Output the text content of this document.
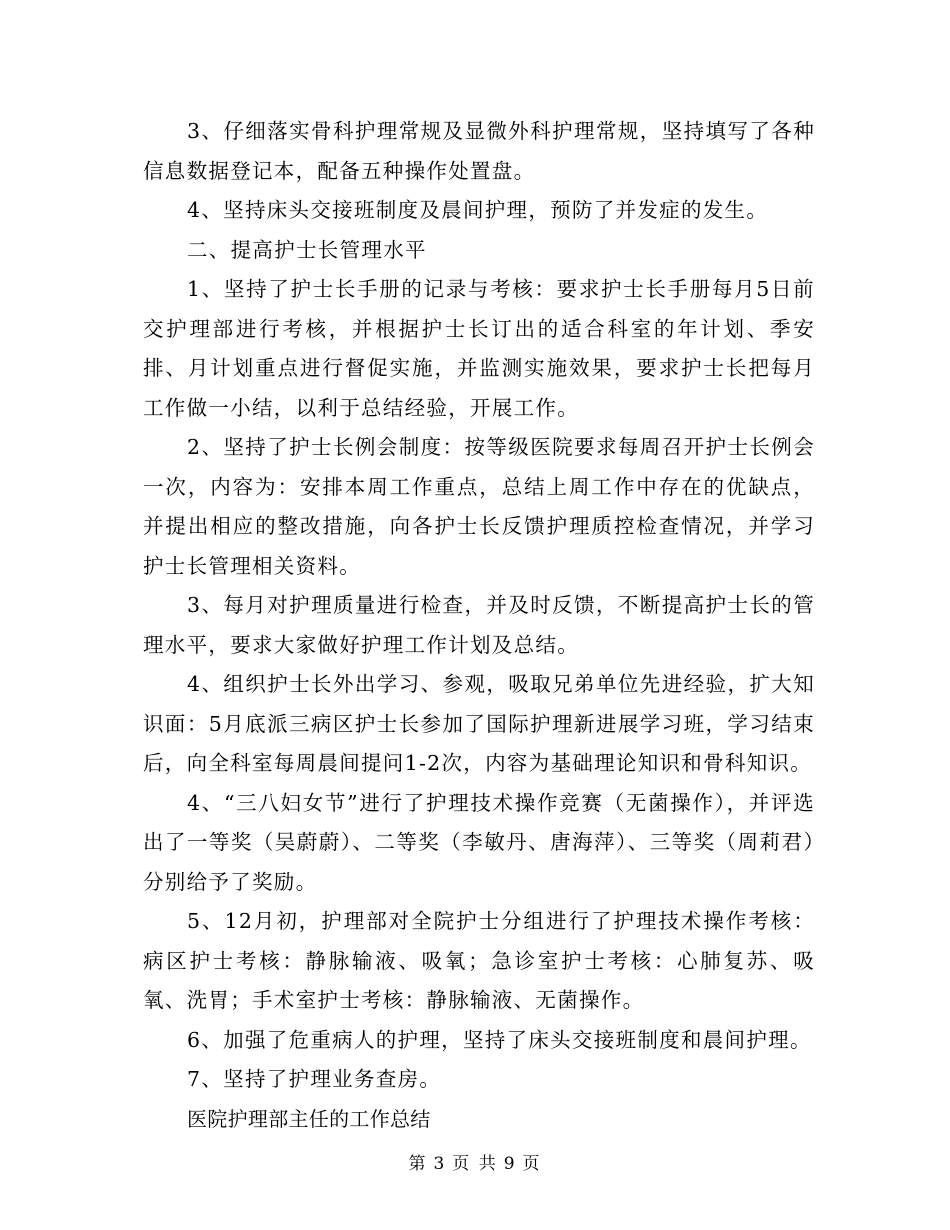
3、仔细落实骨科护理常规及显微外科护理常规，坚持填写了各种信息数据登记本，配备五种操作处置盘。

4、坚持床头交接班制度及晨间护理，预防了并发症的发生。

二、提高护士长管理水平

1、坚持了护士长手册的记录与考核：要求护士长手册每月5日前交护理部进行考核，并根据护士长订出的适合科室的年计划、季安排、月计划重点进行督促实施，并监测实施效果，要求护士长把每月工作做一小结，以利于总结经验，开展工作。

2、坚持了护士长例会制度：按等级医院要求每周召开护士长例会一次，内容为：安排本周工作重点，总结上周工作中存在的优缺点，并提出相应的整改措施，向各护士长反馈护理质控检查情况，并学习护士长管理相关资料。

3、每月对护理质量进行检查，并及时反馈，不断提高护士长的管理水平，要求大家做好护理工作计划及总结。

4、组织护士长外出学习、参观，吸取兄弟单位先进经验，扩大知识面：5月底派三病区护士长参加了国际护理新进展学习班，学习结束后，向全科室每周晨间提问1-2次，内容为基础理论知识和骨科知识。

4、“三八妇女节”进行了护理技术操作竞赛（无菌操作），并评选出了一等奖（吴蔚蔚）、二等奖（李敏丹、唐海萍）、三等奖（周莉君）分别给予了奖励。

5、12月初，护理部对全院护士分组进行了护理技术操作考核：病区护士考核：静脉输液、吸氧；急诊室护士考核：心肺复苏、吸氧、洗胃；手术室护士考核：静脉输液、无菌操作。

6、加强了危重病人的护理，坚持了床头交接班制度和晨间护理。

7、坚持了护理业务查房。

医院护理部主任的工作总结

第 3 页 共 9 页
